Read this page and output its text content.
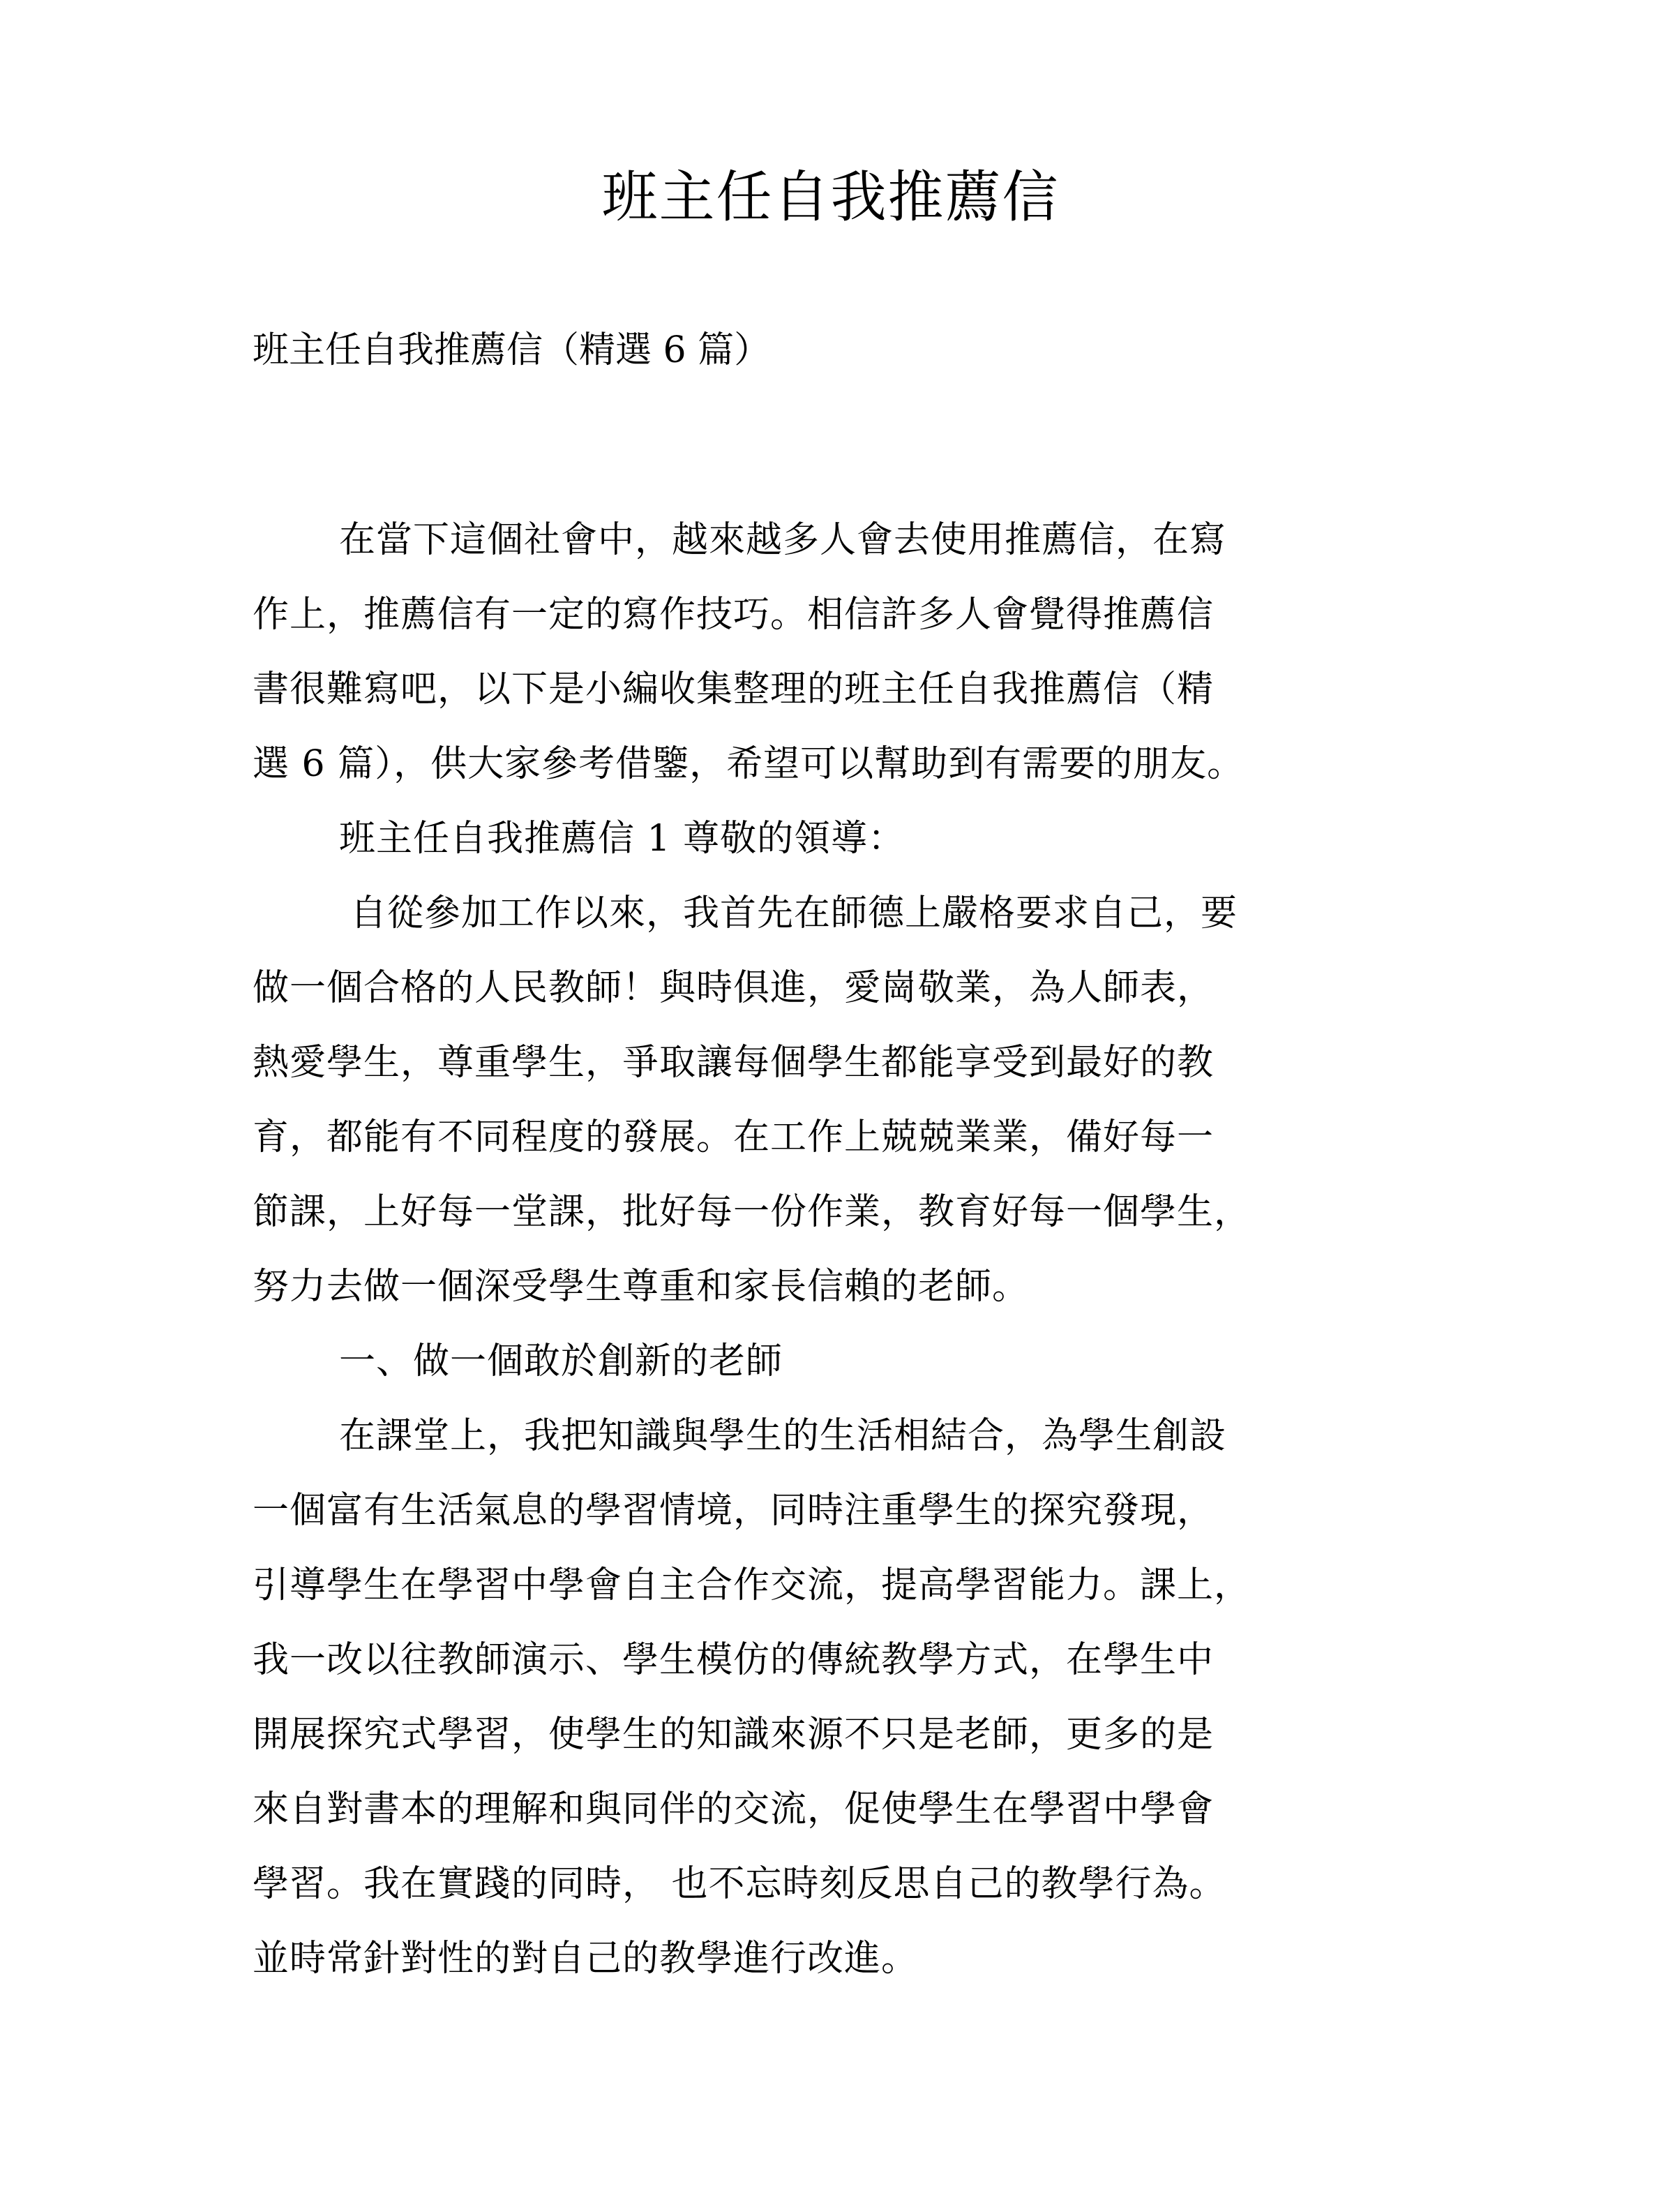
班主任自我推薦信
班主任自我推薦信（精選 6 篇）
在當下這個社會中，越來越多人會去使用推薦信，在寫
作上，推薦信有一定的寫作技巧。相信許多人會覺得推薦信
書很難寫吧，以下是小編收集整理的班主任自我推薦信（精
選 6 篇），供大家參考借鑒，希望可以幫助到有需要的朋友。
班主任自我推薦信 1 尊敬的領導：
自從參加工作以來，我首先在師德上嚴格要求自己，要
做一個合格的人民教師！與時俱進，愛崗敬業，為人師表，
熱愛學生，尊重學生，爭取讓每個學生都能享受到最好的教
育，都能有不同程度的發展。在工作上兢兢業業，備好每一
節課，上好每一堂課，批好每一份作業，教育好每一個學生，
努力去做一個深受學生尊重和家長信賴的老師。
一、做一個敢於創新的老師
在課堂上，我把知識與學生的生活相結合，為學生創設
一個富有生活氣息的學習情境，同時注重學生的探究發現，
引導學生在學習中學會自主合作交流，提高學習能力。課上，
我一改以往教師演示、學生模仿的傳統教學方式，在學生中
開展探究式學習，使學生的知識來源不只是老師，更多的是
來自對書本的理解和與同伴的交流，促使學生在學習中學會
學習。我在實踐的同時， 也不忘時刻反思自己的教學行為。
並時常針對性的對自己的教學進行改進。
